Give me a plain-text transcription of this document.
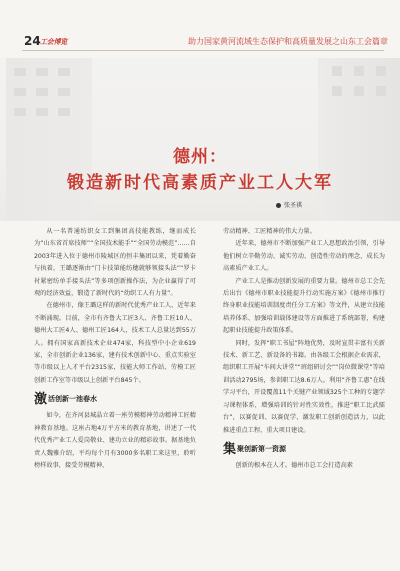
24 工会博览	助力国家黄河流域生态保护和高质量发展之山东工会篇章
德州：
锻造新时代高素质产业工人大军
张圣祺

从一名普通纺织女工到集团高技能教练，继而成长为“山东省首席技师”“全国技术能手”“全国劳动模范”……自2003年进入位于德州市陵城区的恒丰集团以来，凭着勤奋与执着，王璐逐渐由“门卡技第能纺穗就够领接头法”“罗卡衬紧密纺单手接头法”等多项创新操作法，为企业赢得了可观的经济效益，锻造了新时代的“幼织工人有力量”。

在德州市，像王璐这样的新时代优秀产业工人，近年来不断涌现。目前，全市有齐鲁大工匠3人、齐鲁工匠10人、德州大工匠4人、德州工匠164人，技术工人总量达到55万人。拥有国家高新技术企业474家，科技型中小企业619家，全市创新企业136家，建有技术创新中心、重点实验室等市级以上人才平台2315家，技能大师工作站、劳模工匠创新工作室等市级以上创新平台845个。

激活创新一池春水

如今，在齐河县城晶立着一座劳模精神劳动精神工匠精神教育基地。这座占地4万平方米的教育基地，讲述了一代代优秀产业工人爱岗敬业、建功立业的精彩故事。据基地负责人魏雅介绍，平均每个月有3000多名职工来这里，聆听榜样故事，接受劳模精神、

劳动精神、工匠精神的伟大力量。

近年来，德州市不断加强产业工人思想政治引领，引导他们树立辛勤劳动、诚实劳动、创造性劳动的理念，成长为高素质产业工人。

产业工人是推动创新发展的重要力量。德州市总工会先后出台《德州市职业技能提升行动实施方案》《德州市推行终身职业技能培训制度责任分工方案》等文件，从建立技能培养体系、加强培训载体建设等方面推进了系统部署，构建起职业技能提升政策体系。

同时，发挥“职工书屋”阵地优势，及时宣贯丰富有关新技术、新工艺、新设备的书籍。由各级工会根据企业需求，组织职工开展“车间大讲堂”“班组研讨会”“岗位微课堂”等培训活动2795场，参训职工达8.6万人。利用“齐鲁工惠”在线学习平台，开设覆盖11个关键产业领域325个工种的专题学习课程体系，增强培训的针对性实效性，推进“职工比武擂台”，以赛促训、以赛促学，激发职工创新创造活力，以此推进重点工程、重大项目建设。

集聚创新第一资源

创新的根本在人才。德州市总工会打造高素
